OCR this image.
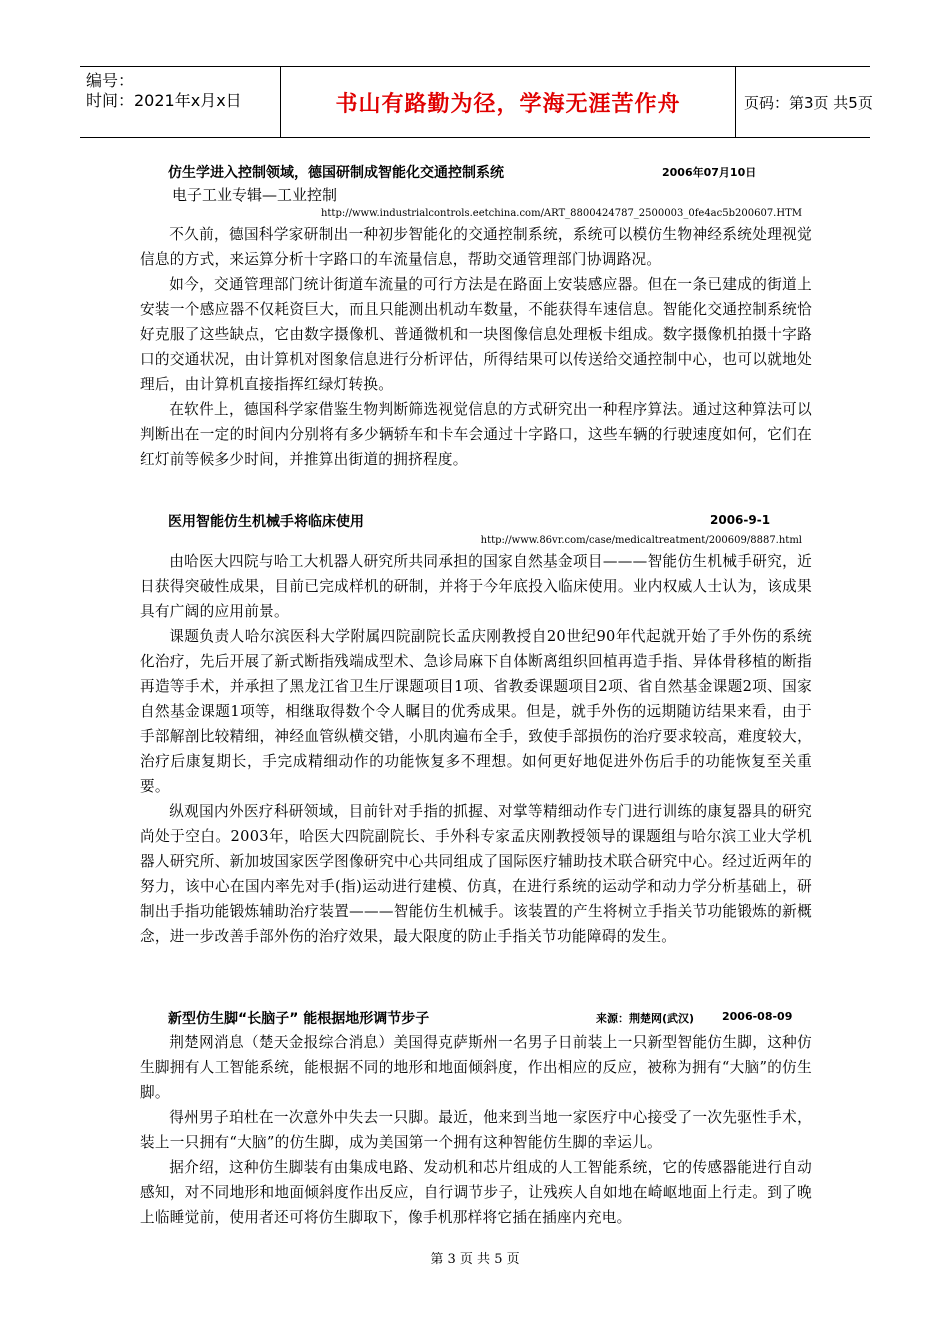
编号：
时间：2021年x月x日	书山有路勤为径，学海无涯苦作舟	页码：第3页 共5页
仿生学进入控制领域，德国研制成智能化交通控制系统	2006年07月10日
电子工业专辑—工业控制
http://www.industrialcontrols.eetchina.com/ART_8800424787_2500003_0fe4ac5b200607.HTM

不久前，德国科学家研制出一种初步智能化的交通控制系统，系统可以模仿生物神经系统处理视觉信息的方式，来运算分析十字路口的车流量信息，帮助交通管理部门协调路况。

如今，交通管理部门统计街道车流量的可行方法是在路面上安装感应器。但在一条已建成的街道上安装一个感应器不仅耗资巨大，而且只能测出机动车数量，不能获得车速信息。智能化交通控制系统恰好克服了这些缺点，它由数字摄像机、普通微机和一块图像信息处理板卡组成。数字摄像机拍摄十字路口的交通状况，由计算机对图象信息进行分析评估，所得结果可以传送给交通控制中心，也可以就地处理后，由计算机直接指挥红绿灯转换。

在软件上，德国科学家借鉴生物判断筛选视觉信息的方式研究出一种程序算法。通过这种算法可以判断出在一定的时间内分别将有多少辆轿车和卡车会通过十字路口，这些车辆的行驶速度如何，它们在红灯前等候多少时间，并推算出街道的拥挤程度。

医用智能仿生机械手将临床使用	2006-9-1
http://www.86vr.com/case/medicaltreatment/200609/8887.html

由哈医大四院与哈工大机器人研究所共同承担的国家自然基金项目———智能仿生机械手研究，近日获得突破性成果，目前已完成样机的研制，并将于今年底投入临床使用。业内权威人士认为，该成果具有广阔的应用前景。

课题负责人哈尔滨医科大学附属四院副院长孟庆刚教授自20世纪90年代起就开始了手外伤的系统化治疗，先后开展了新式断指残端成型术、急诊局麻下自体断离组织回植再造手指、异体骨移植的断指再造等手术，并承担了黑龙江省卫生厅课题项目1项、省教委课题项目2项、省自然基金课题2项、国家自然基金课题1项等，相继取得数个令人瞩目的优秀成果。但是，就手外伤的远期随访结果来看，由于手部解剖比较精细，神经血管纵横交错，小肌肉遍布全手，致使手部损伤的治疗要求较高，难度较大，治疗后康复期长，手完成精细动作的功能恢复多不理想。如何更好地促进外伤后手的功能恢复至关重要。

纵观国内外医疗科研领域，目前针对手指的抓握、对掌等精细动作专门进行训练的康复器具的研究尚处于空白。2003年，哈医大四院副院长、手外科专家孟庆刚教授领导的课题组与哈尔滨工业大学机器人研究所、新加坡国家医学图像研究中心共同组成了国际医疗辅助技术联合研究中心。经过近两年的努力，该中心在国内率先对手(指)运动进行建模、仿真，在进行系统的运动学和动力学分析基础上，研制出手指功能锻炼辅助治疗装置———智能仿生机械手。该装置的产生将树立手指关节功能锻炼的新概念，进一步改善手部外伤的治疗效果，最大限度的防止手指关节功能障碍的发生。

新型仿生脚“长脑子” 能根据地形调节步子	来源：荆楚网(武汉)	2006-08-09

荆楚网消息（楚天金报综合消息）美国得克萨斯州一名男子日前装上一只新型智能仿生脚，这种仿生脚拥有人工智能系统，能根据不同的地形和地面倾斜度，作出相应的反应，被称为拥有“大脑”的仿生脚。

得州男子珀杜在一次意外中失去一只脚。最近，他来到当地一家医疗中心接受了一次先驱性手术，装上一只拥有“大脑”的仿生脚，成为美国第一个拥有这种智能仿生脚的幸运儿。

据介绍，这种仿生脚装有由集成电路、发动机和芯片组成的人工智能系统，它的传感器能进行自动感知，对不同地形和地面倾斜度作出反应，自行调节步子，让残疾人自如地在崎岖地面上行走。到了晚上临睡觉前，使用者还可将仿生脚取下，像手机那样将它插在插座内充电。

第 3 页 共 5 页
